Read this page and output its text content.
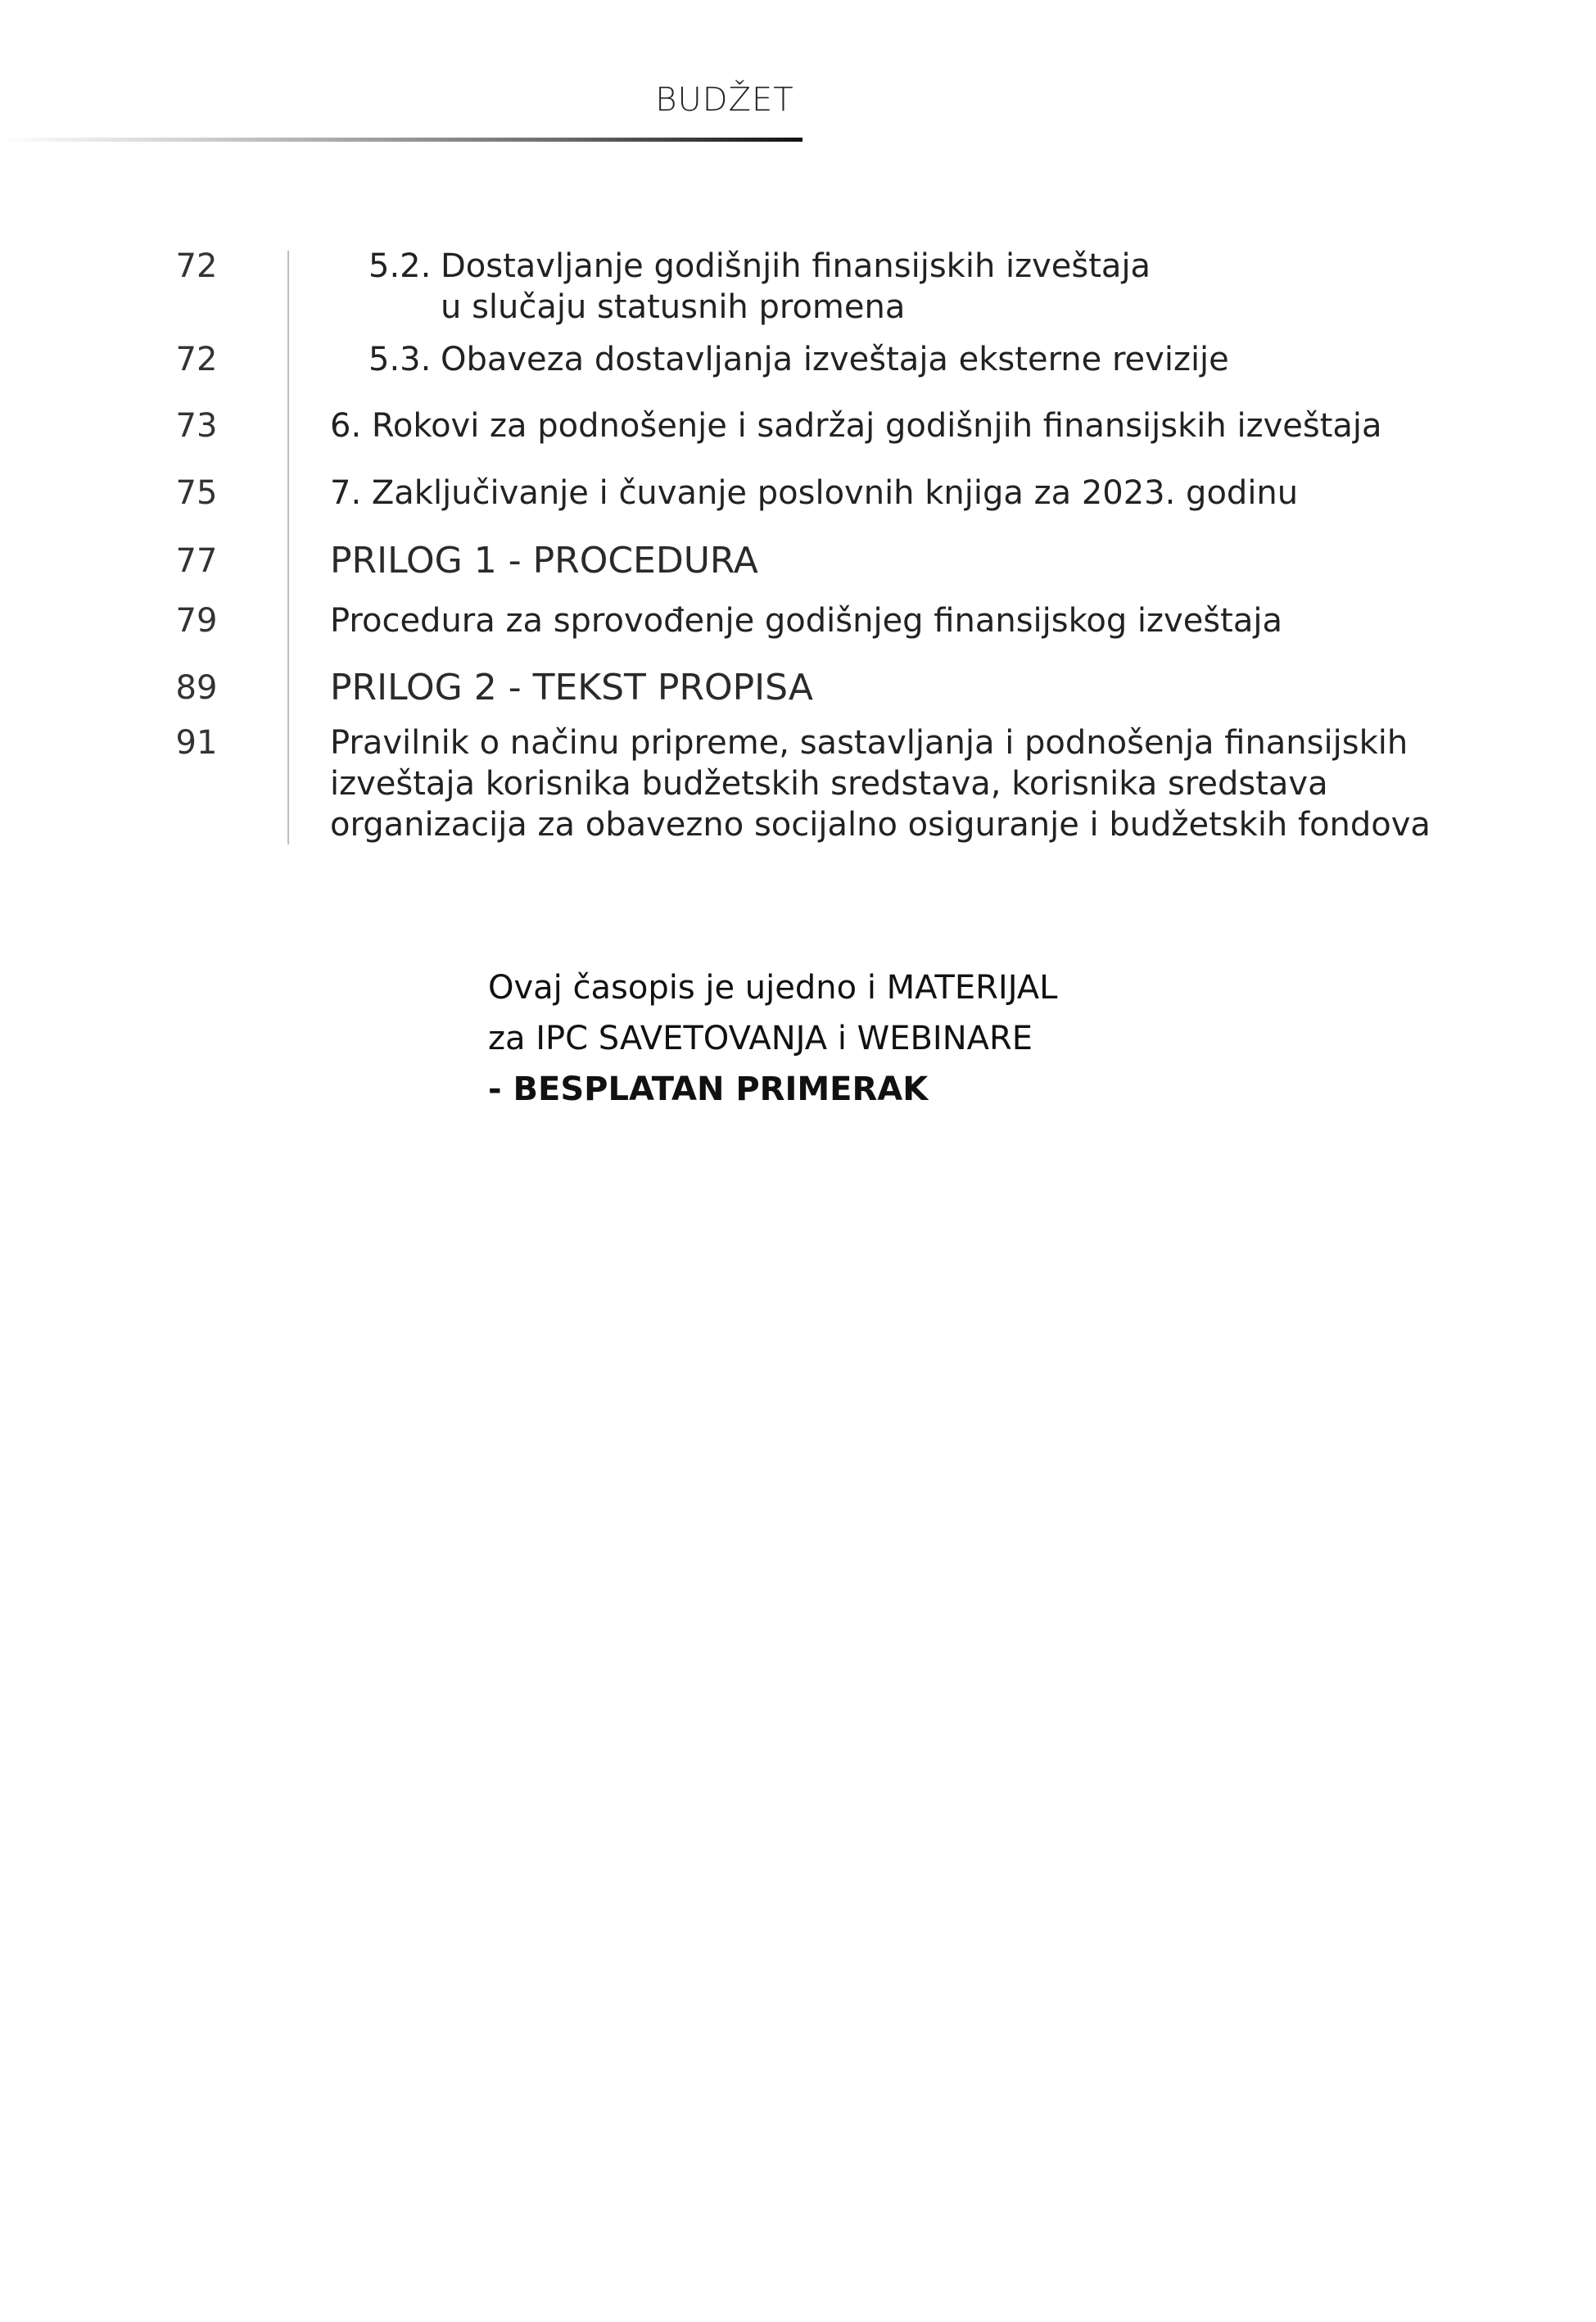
BUDŽET
72	5.2. Dostavljanje godišnjih finansijskih izveštaja
u slučaju statusnih promena
72	5.3. Obaveza dostavljanja izveštaja eksterne revizije
73	6. Rokovi za podnošenje i sadržaj godišnjih finansijskih izveštaja
75	7. Zaključivanje i čuvanje poslovnih knjiga za 2023. godinu
77	PRILOG 1 - PROCEDURA
79	Procedura za sprovođenje godišnjeg finansijskog izveštaja
89	PRILOG 2 - TEKST PROPISA
91	Pravilnik o načinu pripreme, sastavljanja i podnošenja finansijskih
izveštaja korisnika budžetskih sredstava, korisnika sredstava
organizacija za obavezno socijalno osiguranje i budžetskih fondova
Ovaj časopis je ujedno i MATERIJAL
za IPC SAVETOVANJA i WEBINARE
- BESPLATAN PRIMERAK
